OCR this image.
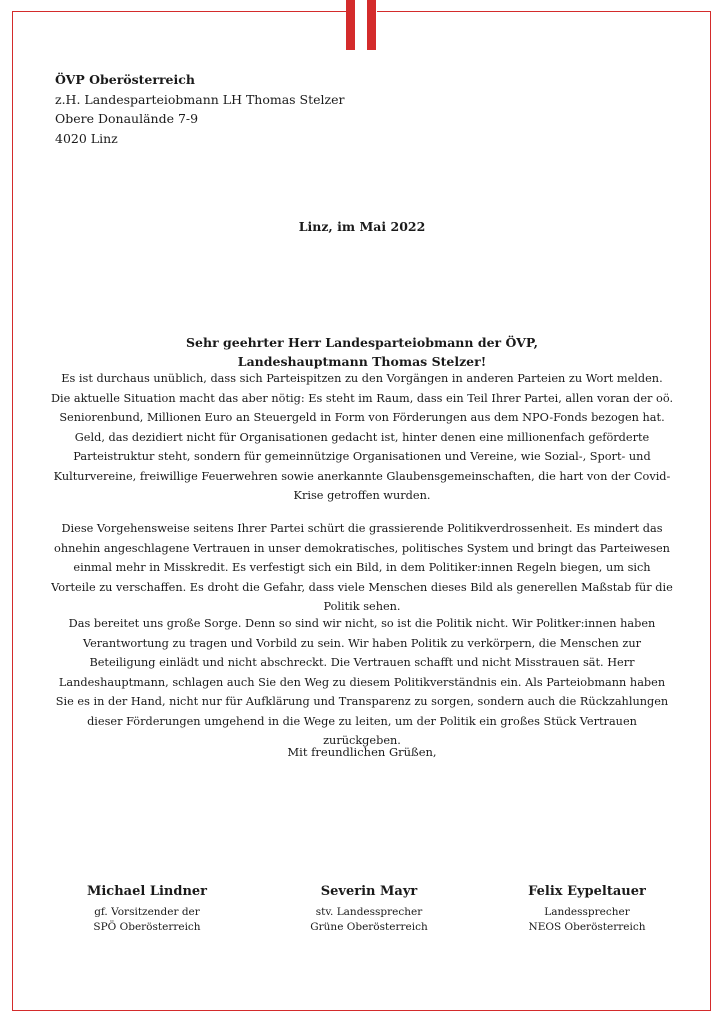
ÖVP Oberösterreich
z.H. Landesparteiobmann LH Thomas Stelzer
Obere Donaulände 7-9
4020 Linz
Linz, im Mai 2022
Sehr geehrter Herr Landesparteiobmann der ÖVP,
Landeshauptmann Thomas Stelzer!

Es ist durchaus unüblich, dass sich Parteispitzen zu den Vorgängen in anderen Parteien zu Wort melden. Die aktuelle Situation macht das aber nötig: Es steht im Raum, dass ein Teil Ihrer Partei, allen voran der oö. Seniorenbund, Millionen Euro an Steuergeld in Form von Förderungen aus dem NPO-Fonds bezogen hat. Geld, das dezidiert nicht für Organisationen gedacht ist, hinter denen eine millionenfach geförderte Parteistruktur steht, sondern für gemeinnützige Organisationen und Vereine, wie Sozial-, Sport- und Kulturvereine, freiwillige Feuerwehren sowie anerkannte Glaubensgemeinschaften, die hart von der Covid-Krise getroffen wurden.

Diese Vorgehensweise seitens Ihrer Partei schürt die grassierende Politikverdrossenheit. Es mindert das ohnehin angeschlagene Vertrauen in unser demokratisches, politisches System und bringt das Parteiwesen einmal mehr in Misskredit. Es verfestigt sich ein Bild, in dem Politiker:innen Regeln biegen, um sich Vorteile zu verschaffen. Es droht die Gefahr, dass viele Menschen dieses Bild als generellen Maßstab für die Politik sehen.

Das bereitet uns große Sorge. Denn so sind wir nicht, so ist die Politik nicht. Wir Politker:innen haben Verantwortung zu tragen und Vorbild zu sein. Wir haben Politik zu verkörpern, die Menschen zur Beteiligung einlädt und nicht abschreckt. Die Vertrauen schafft und nicht Misstrauen sät. Herr Landeshauptmann, schlagen auch Sie den Weg zu diesem Politikverständnis ein. Als Parteiobmann haben Sie es in der Hand, nicht nur für Aufklärung und Transparenz zu sorgen, sondern auch die Rückzahlungen dieser Förderungen umgehend in die Wege zu leiten, um der Politik ein großes Stück Vertrauen zurückgeben.

Mit freundlichen Grüßen,
Michael Lindner
gf. Vorsitzender der
SPÖ Oberösterreich
Severin Mayr
stv. Landessprecher
Grüne Oberösterreich
Felix Eypeltauer
Landessprecher
NEOS Oberösterreich
